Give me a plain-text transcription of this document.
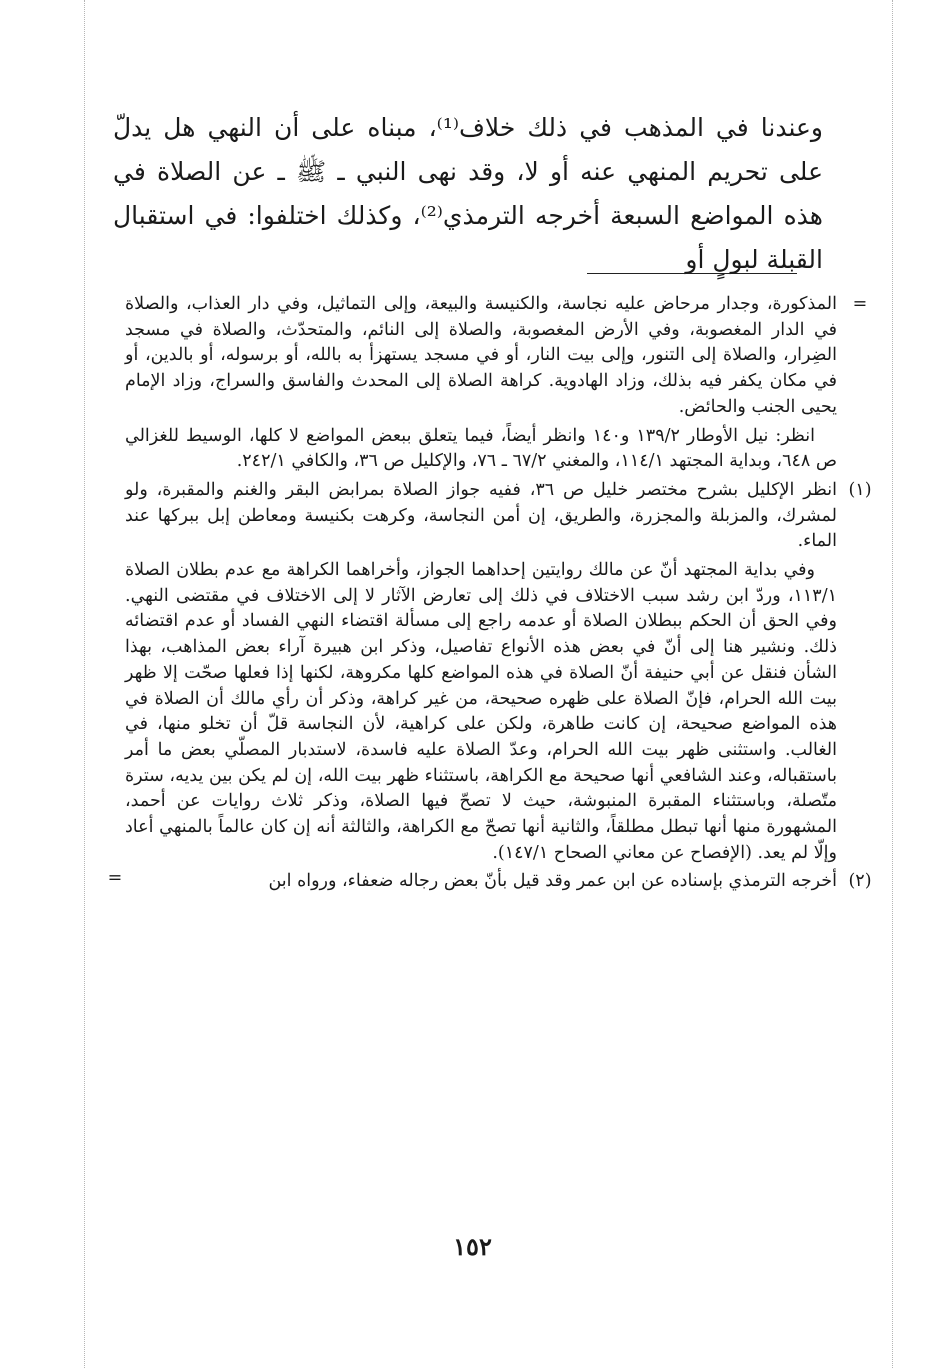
وعندنا في المذهب في ذلك خلاف⁽¹⁾، مبناه على أن النهي هل يدلّ على تحريم المنهي عنه أو لا، وقد نهى النبي ـ ﷺ ـ عن الصلاة في هذه المواضع السبعة أخرجه الترمذي⁽²⁾، وكذلك اختلفوا: في استقبال القبلة لبولٍ أو

=

المذكورة، وجدار مرحاض عليه نجاسة، والكنيسة والبيعة، وإلى التماثيل، وفي دار العذاب، والصلاة في الدار المغصوبة، وفي الأرض المغصوبة، والصلاة إلى النائم، والمتحدّث، والصلاة في مسجد الضِرار، والصلاة إلى التنور، وإلى بيت النار، أو في مسجد يستهزأ به بالله، أو برسوله، أو بالدين، أو في مكان يكفر فيه بذلك، وزاد الهادوية. كراهة الصلاة إلى المحدث والفاسق والسراج، وزاد الإمام يحيى الجنب والحائض.

انظر: نيل الأوطار ١٣٩/٢ و١٤٠ وانظر أيضاً، فيما يتعلق ببعض المواضع لا كلها، الوسيط للغزالي ص ٦٤٨، وبداية المجتهد ١١٤/١، والمغني ٦٧/٢ ـ ٧٦، والإكليل ص ٣٦، والكافي ٢٤٢/١.

(١)

انظر الإكليل بشرح مختصر خليل ص ٣٦، ففيه جواز الصلاة بمرابض البقر والغنم والمقبرة، ولو لمشرك، والمزبلة والمجزرة، والطريق، إن أمن النجاسة، وكرهت بكنيسة ومعاطن إبل ببركها عند الماء.

وفي بداية المجتهد أنّ عن مالك روايتين إحداهما الجواز، وأخراهما الكراهة مع عدم بطلان الصلاة ١١٣/١، وردّ ابن رشد سبب الاختلاف في ذلك إلى تعارض الآثار لا إلى الاختلاف في مقتضى النهي. وفي الحق أن الحكم ببطلان الصلاة أو عدمه راجع إلى مسألة اقتضاء النهي الفساد أو عدم اقتضائه ذلك. ونشير هنا إلى أنّ في بعض هذه الأنواع تفاصيل، وذكر ابن هبيرة آراء بعض المذاهب، بهذا الشأن فنقل عن أبي حنيفة أنّ الصلاة في هذه المواضع كلها مكروهة، لكنها إذا فعلها صحّت إلا ظهر بيت الله الحرام، فإنّ الصلاة على ظهره صحيحة، من غير كراهة، وذكر أن رأي مالك أن الصلاة في هذه المواضع صحيحة، إن كانت طاهرة، ولكن على كراهية، لأن النجاسة قلّ أن تخلو منها، في الغالب. واستثنى ظهر بيت الله الحرام، وعدّ الصلاة عليه فاسدة، لاستدبار المصلّي بعض ما أمر باستقباله، وعند الشافعي أنها صحيحة مع الكراهة، باستثناء ظهر بيت الله، إن لم يكن بين يديه، سترة متّصلة، وباستثناء المقبرة المنبوشة، حيث لا تصحّ فيها الصلاة، وذكر ثلاث روايات عن أحمد، المشهورة منها أنها تبطل مطلقاً، والثانية أنها تصحّ مع الكراهة، والثالثة أنه إن كان عالماً بالمنهي أعاد وإلّا لم يعد. (الإفصاح عن معاني الصحاح ١٤٧/١).

(٢)

أخرجه الترمذي بإسناده عن ابن عمر وقد قيل بأنّ بعض رجاله ضعفاء، ورواه ابن

=
١٥٢
